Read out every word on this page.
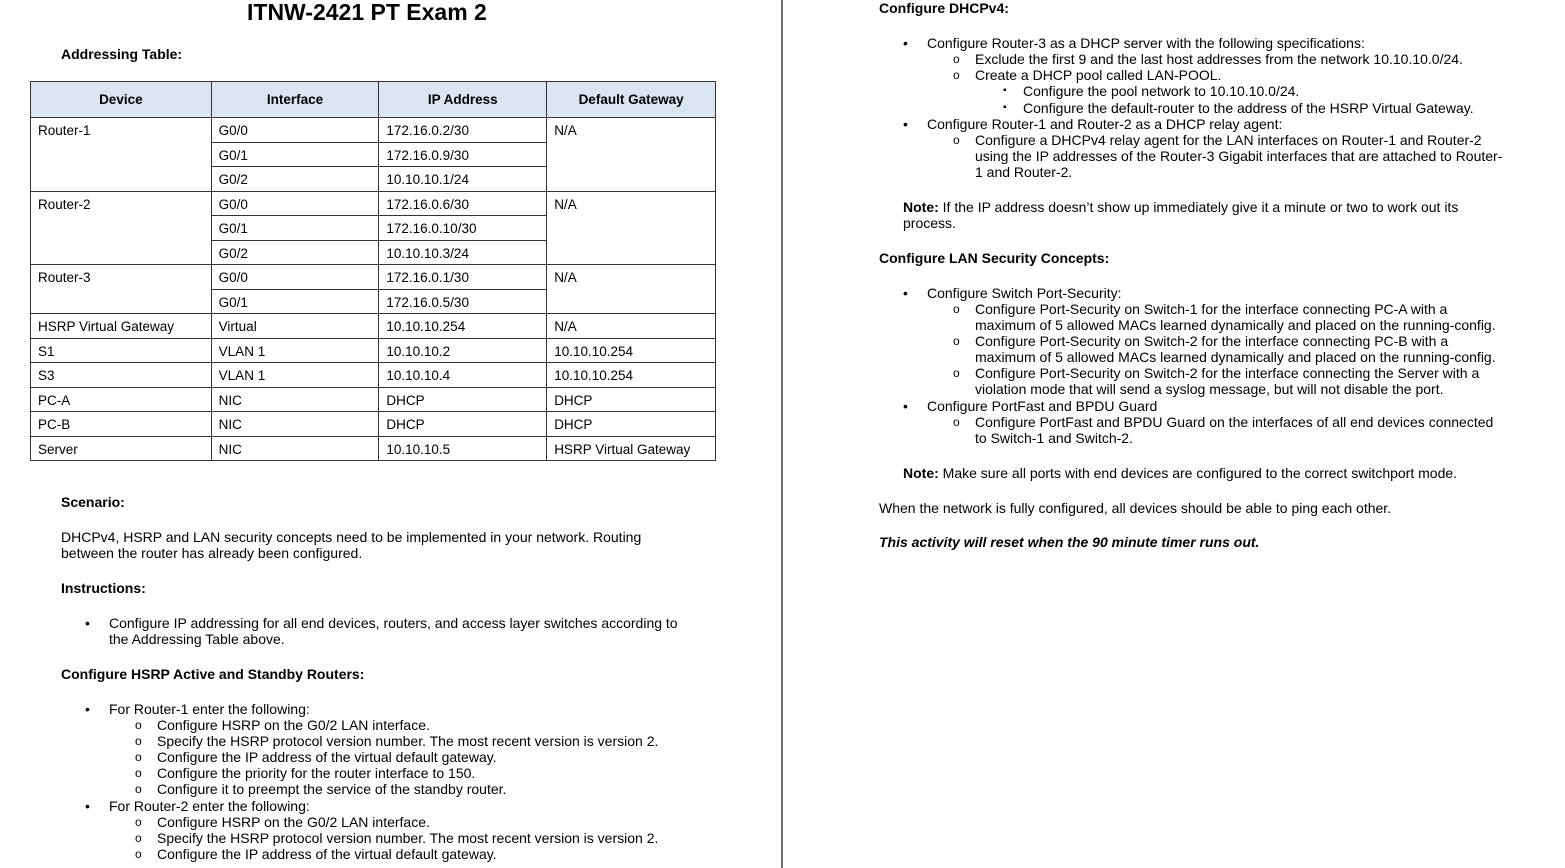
ITNW-2421 PT Exam 2
Addressing Table:
Device	Interface	IP Address	Default Gateway
Router-1	G0/0	172.16.0.2/30	N/A
	G0/1	172.16.0.9/30	
	G0/2	10.10.10.1/24	
Router-2	G0/0	172.16.0.6/30	N/A
	G0/1	172.16.0.10/30	
	G0/2	10.10.10.3/24	
Router-3	G0/0	172.16.0.1/30	N/A
	G0/1	172.16.0.5/30	
HSRP Virtual Gateway	Virtual	10.10.10.254	N/A
S1	VLAN 1	10.10.10.2	10.10.10.254
S3	VLAN 1	10.10.10.4	10.10.10.254
PC-A	NIC	DHCP	DHCP
PC-B	NIC	DHCP	DHCP
Server	NIC	10.10.10.5	HSRP Virtual Gateway
Scenario:
DHCPv4, HSRP and LAN security concepts need to be implemented in your network. Routing between the router has already been configured.
Instructions:
• Configure IP addressing for all end devices, routers, and access layer switches according to the Addressing Table above.
Configure HSRP Active and Standby Routers:
• For Router-1 enter the following:
o Configure HSRP on the G0/2 LAN interface.
o Specify the HSRP protocol version number. The most recent version is version 2.
o Configure the IP address of the virtual default gateway.
o Configure the priority for the router interface to 150.
o Configure it to preempt the service of the standby router.
• For Router-2 enter the following:
o Configure HSRP on the G0/2 LAN interface.
o Specify the HSRP protocol version number. The most recent version is version 2.
o Configure the IP address of the virtual default gateway.
Configure DHCPv4:
• Configure Router-3 as a DHCP server with the following specifications:
o Exclude the first 9 and the last host addresses from the network 10.10.10.0/24.
o Create a DHCP pool called LAN-POOL.
▪ Configure the pool network to 10.10.10.0/24.
▪ Configure the default-router to the address of the HSRP Virtual Gateway.
• Configure Router-1 and Router-2 as a DHCP relay agent:
o Configure a DHCPv4 relay agent for the LAN interfaces on Router-1 and Router-2
using the IP addresses of the Router-3 Gigabit interfaces that are attached to Router-
1 and Router-2.
Note: If the IP address doesn’t show up immediately give it a minute or two to work out its
process.
Configure LAN Security Concepts:
• Configure Switch Port-Security:
o Configure Port-Security on Switch-1 for the interface connecting PC-A with a
maximum of 5 allowed MACs learned dynamically and placed on the running-config.
o Configure Port-Security on Switch-2 for the interface connecting PC-B with a
maximum of 5 allowed MACs learned dynamically and placed on the running-config.
o Configure Port-Security on Switch-2 for the interface connecting the Server with a
violation mode that will send a syslog message, but will not disable the port.
• Configure PortFast and BPDU Guard
o Configure PortFast and BPDU Guard on the interfaces of all end devices connected
to Switch-1 and Switch-2.
Note: Make sure all ports with end devices are configured to the correct switchport mode.
When the network is fully configured, all devices should be able to ping each other.
This activity will reset when the 90 minute timer runs out.
